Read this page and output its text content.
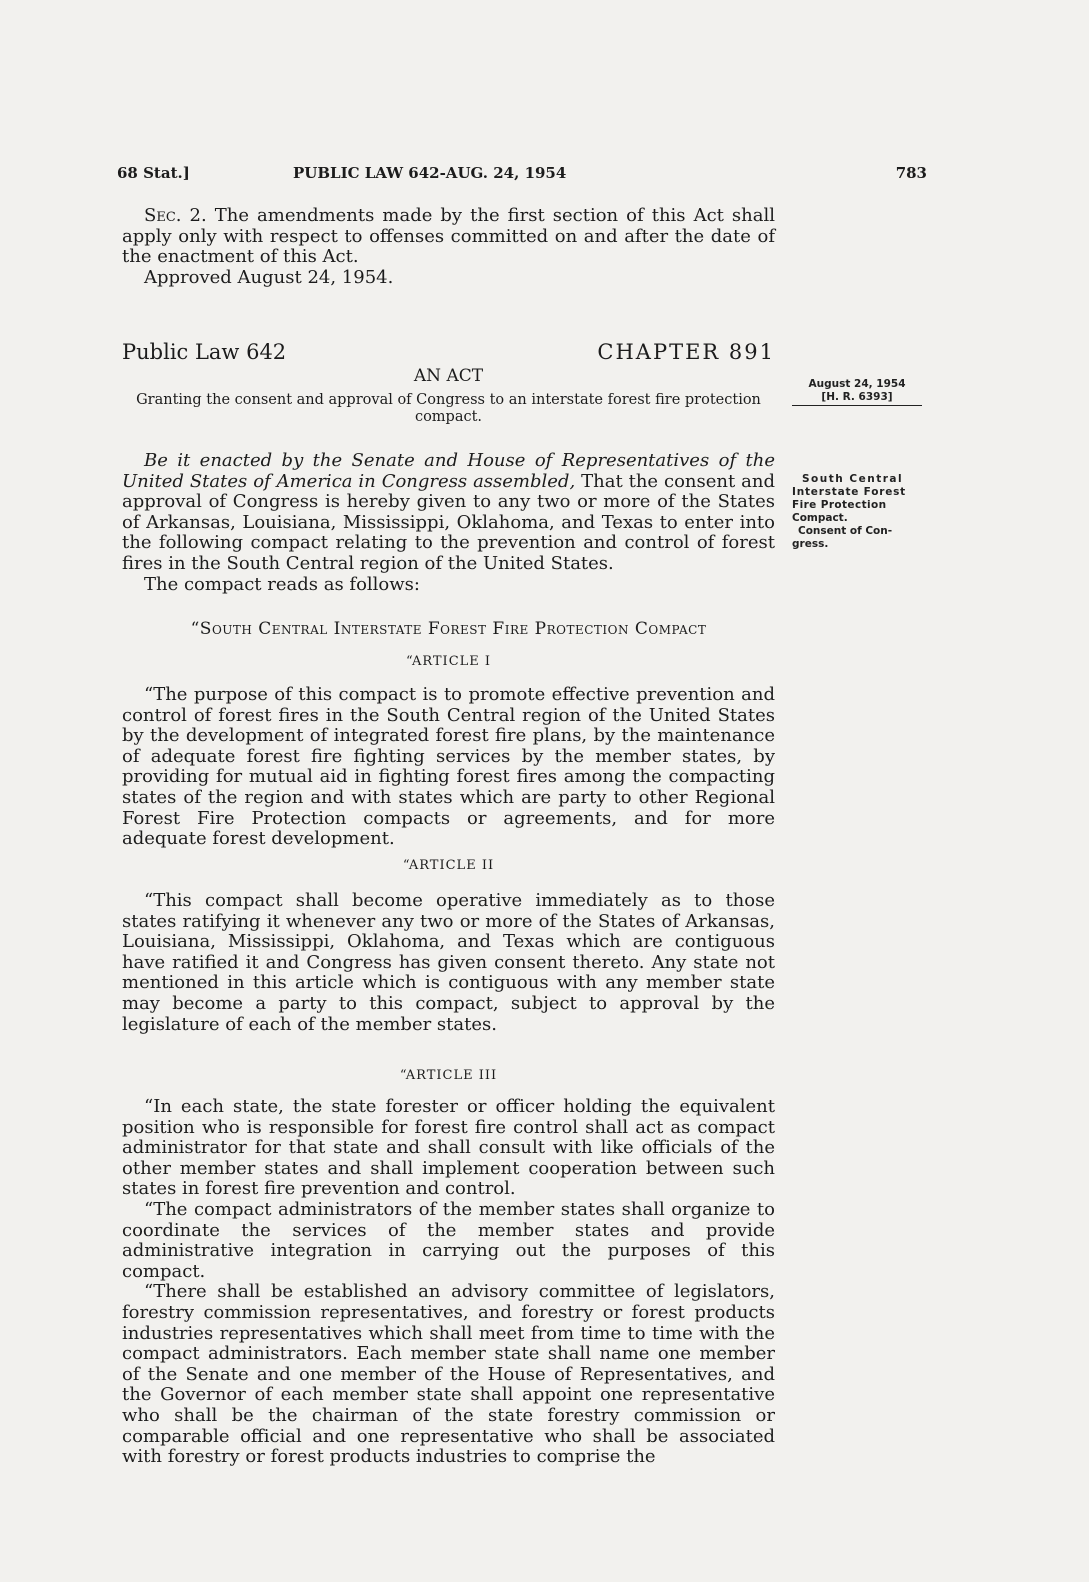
68 Stat.]	PUBLIC LAW 642-AUG. 24, 1954	783

Sec. 2. The amendments made by the first section of this Act shall apply only with respect to offenses committed on and after the date of the enactment of this Act.

Approved August 24, 1954.

Public Law 642	CHAPTER 891
AN ACT
Granting the consent and approval of Congress to an interstate forest fire protection compact.
August 24, 1954
[H. R. 6393]
South Central
Interstate Forest
Fire Protection
Compact.
Consent of Con-
gress.

Be it enacted by the Senate and House of Representatives of the United States of America in Congress assembled, That the consent and approval of Congress is hereby given to any two or more of the States of Arkansas, Louisiana, Mississippi, Oklahoma, and Texas to enter into the following compact relating to the prevention and control of forest fires in the South Central region of the United States.

The compact reads as follows:

“South Central Interstate Forest Fire Protection Compact
“ARTICLE I

“The purpose of this compact is to promote effective prevention and control of forest fires in the South Central region of the United States by the development of integrated forest fire plans, by the maintenance of adequate forest fire fighting services by the member states, by providing for mutual aid in fighting forest fires among the compacting states of the region and with states which are party to other Regional Forest Fire Protection compacts or agreements, and for more adequate forest development.

“ARTICLE II

“This compact shall become operative immediately as to those states ratifying it whenever any two or more of the States of Arkansas, Louisiana, Mississippi, Oklahoma, and Texas which are contiguous have ratified it and Congress has given consent thereto. Any state not mentioned in this article which is contiguous with any member state may become a party to this compact, subject to approval by the legislature of each of the member states.

“ARTICLE III

“In each state, the state forester or officer holding the equivalent position who is responsible for forest fire control shall act as compact administrator for that state and shall consult with like officials of the other member states and shall implement cooperation between such states in forest fire prevention and control.

“The compact administrators of the member states shall organize to coordinate the services of the member states and provide administrative integration in carrying out the purposes of this compact.

“There shall be established an advisory committee of legislators, forestry commission representatives, and forestry or forest products industries representatives which shall meet from time to time with the compact administrators. Each member state shall name one member of the Senate and one member of the House of Representatives, and the Governor of each member state shall appoint one representative who shall be the chairman of the state forestry commission or comparable official and one representative who shall be associated with forestry or forest products industries to comprise the
